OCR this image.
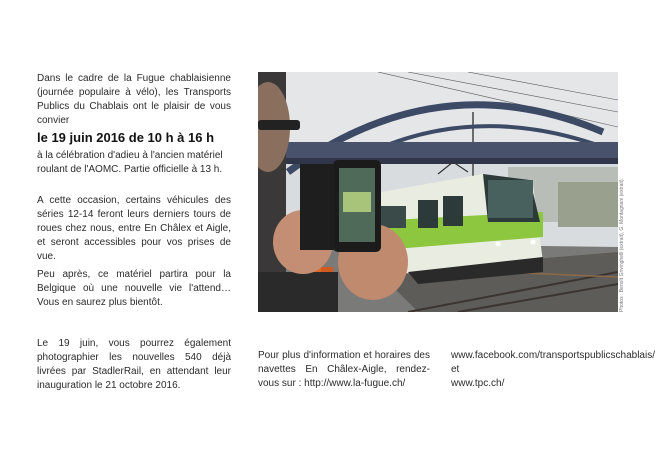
Dans le cadre de la Fugue chablaisienne (journée populaire à vélo), les Transports Publics du Chablais ont le plaisir de vous convier

le 19 juin 2016 de 10 h à 16 h
à la célébration d'adieu à l'ancien matériel roulant de l'AOMC. Partie officielle à 13 h.
A cette occasion, certains véhicules des séries 12-14 feront leurs derniers tours de roues chez nous, entre En Châlex et Aigle, et seront accessibles pour vos prises de vue.
Peu après, ce matériel partira pour la Belgique où une nouvelle vie l'attend… Vous en saurez plus bientôt.
Le 19 juin, vous pourrez également photographier les nouvelles 540 déjà livrées par StadlerRail, en attendant leur inauguration le 21 octobre 2016.
Photos : Benoît Grivinghelli (extrait), G. Montagnani (extrait).
Pour plus d'information et horaires des navettes En Châlex-Aigle, rendez-vous sur : http://www.la-fugue.ch/
www.facebook.com/transportspublicschablais/
et
www.tpc.ch/
